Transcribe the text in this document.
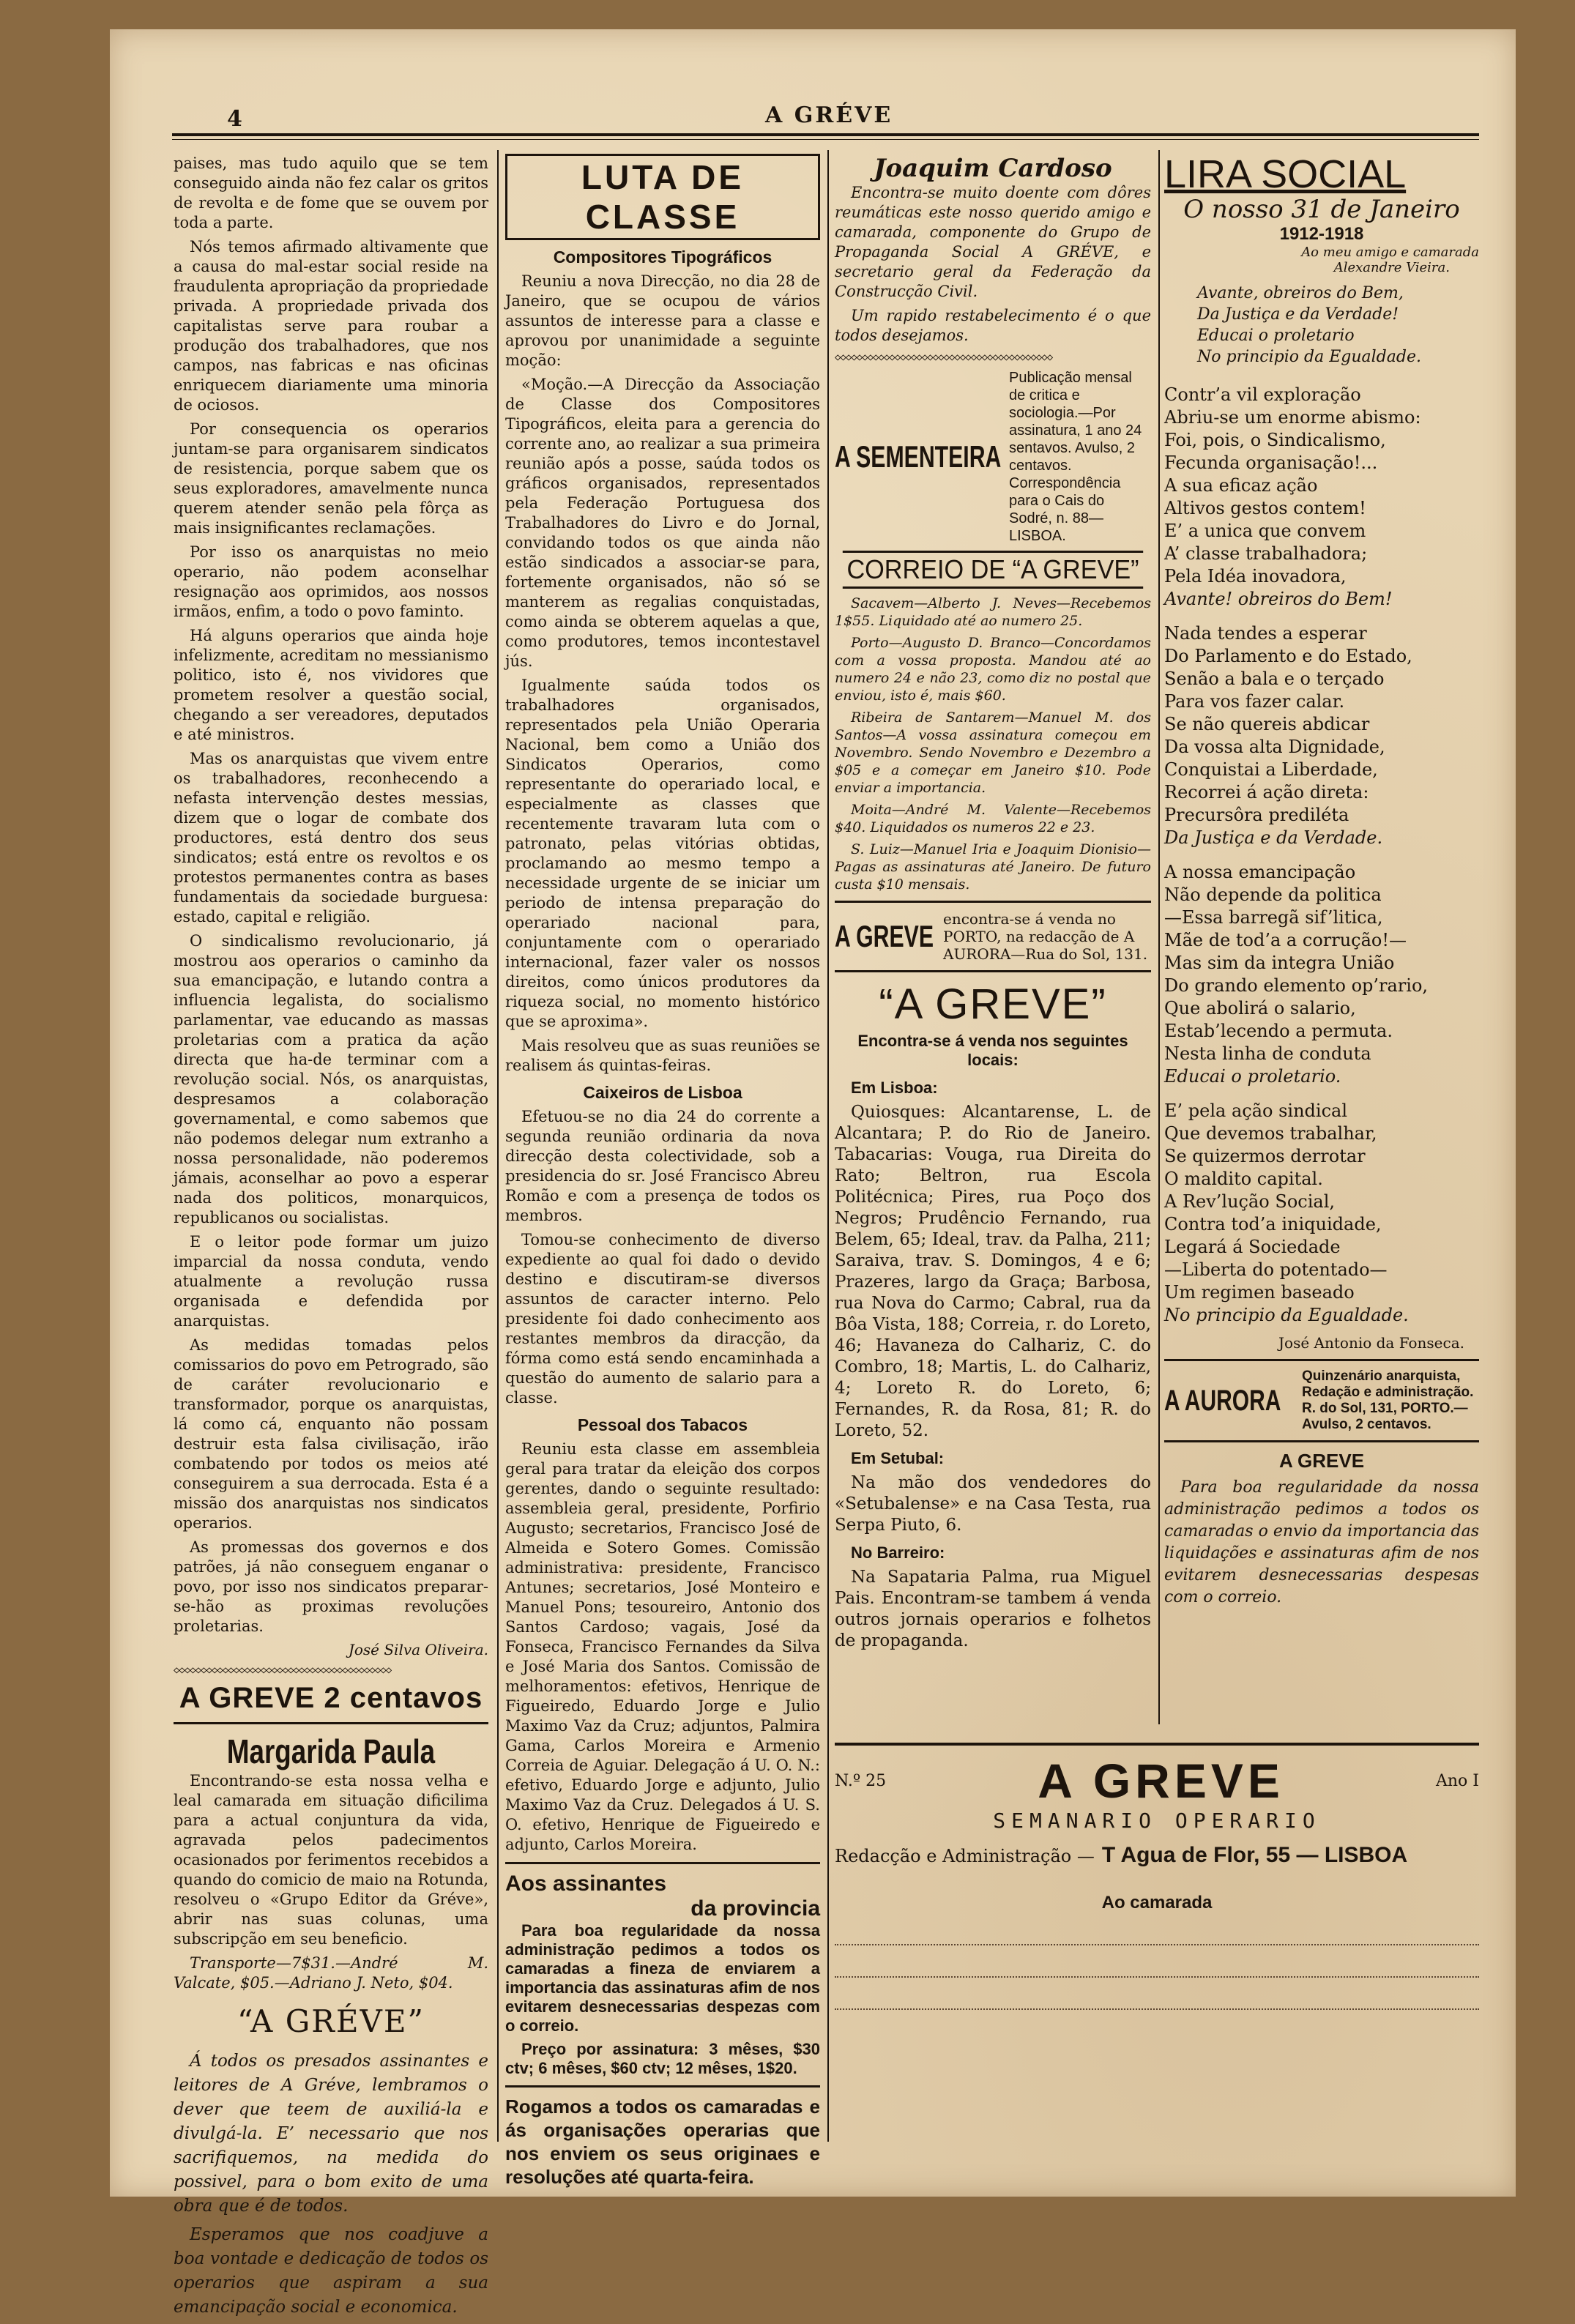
4	A GRÉVE

paises, mas tudo aquilo que se tem conseguido ainda não fez calar os gritos de revolta e de fome que se ouvem por toda a parte.

Nós temos afirmado altivamente que a causa do mal-estar social reside na fraudulenta apropriação da propriedade privada. A propriedade privada dos capitalistas serve para roubar a produção dos trabalhadores, que nos campos, nas fabricas e nas oficinas enriquecem diariamente uma minoria de ociosos.

Por consequencia os operarios juntam-se para organisarem sindicatos de resistencia, porque sabem que os seus exploradores, amavelmente nunca querem atender senão pela fôrça as mais insignificantes reclamações.

Por isso os anarquistas no meio operario, não podem aconselhar resignação aos oprimidos, aos nossos irmãos, enfim, a todo o povo faminto.

Há alguns operarios que ainda hoje infelizmente, acreditam no messianismo politico, isto é, nos vividores que prometem resolver a questão social, chegando a ser vereadores, deputados e até ministros.

Mas os anarquistas que vivem entre os trabalhadores, reconhecendo a nefasta intervenção destes messias, dizem que o logar de combate dos productores, está dentro dos seus sindicatos; está entre os revoltos e os protestos permanentes contra as bases fundamentais da sociedade burguesa: estado, capital e religião.

O sindicalismo revolucionario, já mostrou aos operarios o caminho da sua emancipação, e lutando contra a influencia legalista, do socialismo parlamentar, vae educando as massas proletarias com a pratica da ação directa que ha-de terminar com a revolução social. Nós, os anarquistas, despresamos a colaboração governamental, e como sabemos que não podemos delegar num extranho a nossa personalidade, não poderemos jámais, aconselhar ao povo a esperar nada dos politicos, monarquicos, republicanos ou socialistas.

E o leitor pode formar um juizo imparcial da nossa conduta, vendo atualmente a revolução russa organisada e defendida por anarquistas.

As medidas tomadas pelos comissarios do povo em Petrogrado, são de caráter revolucionario e transformador, porque os anarquistas, lá como cá, enquanto não possam destruir esta falsa civilisação, irão combatendo por todos os meios até conseguirem a sua derrocada. Esta é a missão dos anarquistas nos sindicatos operarios.

As promessas dos governos e dos patrões, já não conseguem enganar o povo, por isso nos sindicatos preparar-se-hão as proximas revoluções proletarias.

José Silva Oliveira.
◇◇◇◇◇◇◇◇◇◇◇◇◇◇◇◇◇◇◇◇◇◇◇◇◇◇◇◇◇◇◇◇◇◇◇◇◇◇◇◇
A GREVE 2 centavos
Margarida Paula

Encontrando-se esta nossa velha e leal camarada em situação dificilima para a actual conjuntura da vida, agravada pelos padecimentos ocasionados por ferimentos recebidos a quando do comicio de maio na Rotunda, resolveu o «Grupo Editor da Gréve», abrir nas suas colunas, uma subscripção em seu beneficio.

Transporte—7$31.—André M. Valcate, $05.—Adriano J. Neto, $04.

“A GRÉVE”

Á todos os presados assinantes e leitores de A Gréve, lembramos o dever que teem de auxiliá-la e divulgá-la. E’ necessario que nos sacrifiquemos, na medida do possivel, para o bom exito de uma obra que é de todos.

Esperamos que nos coadjuve a boa vontade e dedicação de todos os operarios que aspiram a sua emancipação social e economica.

LUTA DE CLASSE
Compositores Tipográficos

Reuniu a nova Direcção, no dia 28 de Janeiro, que se ocupou de vários assuntos de interesse para a classe e aprovou por unanimidade a seguinte moção:

«Moção.—A Direcção da Associação de Classe dos Compositores Tipográficos, eleita para a gerencia do corrente ano, ao realizar a sua primeira reunião após a posse, saúda todos os gráficos organisados, representados pela Federação Portuguesa dos Trabalhadores do Livro e do Jornal, convidando todos os que ainda não estão sindicados a associar-se para, fortemente organisados, não só se manterem as regalias conquistadas, como ainda se obterem aquelas a que, como produtores, temos incontestavel jús.

Igualmente saúda todos os trabalhadores organisados, representados pela União Operaria Nacional, bem como a União dos Sindicatos Operarios, como representante do operariado local, e especialmente as classes que recentemente travaram luta com o patronato, pelas vitórias obtidas, proclamando ao mesmo tempo a necessidade urgente de se iniciar um periodo de intensa preparação do operariado nacional para, conjuntamente com o operariado internacional, fazer valer os nossos direitos, como únicos produtores da riqueza social, no momento histórico que se aproxima».

Mais resolveu que as suas reuniões se realisem ás quintas-feiras.

Caixeiros de Lisboa

Efetuou-se no dia 24 do corrente a segunda reunião ordinaria da nova direcção desta colectividade, sob a presidencia do sr. José Francisco Abreu Romão e com a presença de todos os membros.

Tomou-se conhecimento de diverso expediente ao qual foi dado o devido destino e discutiram-se diversos assuntos de caracter interno. Pelo presidente foi dado conhecimento aos restantes membros da diracção, da fórma como está sendo encaminhada a questão do aumento de salario para a classe.

Pessoal dos Tabacos

Reuniu esta classe em assembleia geral para tratar da eleição dos corpos gerentes, dando o seguinte resultado: assembleia geral, presidente, Porfirio Augusto; secretarios, Francisco José de Almeida e Sotero Gomes. Comissão administrativa: presidente, Francisco Antunes; secretarios, José Monteiro e Manuel Pons; tesoureiro, Antonio dos Santos Cardoso; vagais, José da Fonseca, Francisco Fernandes da Silva e José Maria dos Santos. Comissão de melhoramentos: efetivos, Henrique de Figueiredo, Eduardo Jorge e Julio Maximo Vaz da Cruz; adjuntos, Palmira Gama, Carlos Moreira e Armenio Correia de Aguiar. Delegação á U. O. N.: efetivo, Eduardo Jorge e adjunto, Julio Maximo Vaz da Cruz. Delegados á U. S. O. efetivo, Henrique de Figueiredo e adjunto, Carlos Moreira.

Aos assinantes
da provincia

Para boa regularidade da nossa administração pedimos a todos os camaradas a fineza de enviarem a importancia das assinaturas afim de nos evitarem desnecessarias despezas com o correio.

Preço por assinatura: 3 mêses, $30 ctv; 6 mêses, $60 ctv; 12 mêses, 1$20.

Rogamos a todos os camaradas e ás organisações operarias que nos enviem os seus originaes e resoluções até quarta-feira.

Joaquim Cardoso

Encontra-se muito doente com dôres reumáticas este nosso querido amigo e camarada, componente do Grupo de Propaganda Social A GRÉVE, e secretario geral da Federação da Construcção Civil.

Um rapido restabelecimento é o que todos desejamos.

◇◇◇◇◇◇◇◇◇◇◇◇◇◇◇◇◇◇◇◇◇◇◇◇◇◇◇◇◇◇◇◇◇◇◇◇◇◇◇◇
A SEMENTEIRA
Publicação mensal de critica e sociologia.—Por assinatura, 1 ano 24 sentavos. Avulso, 2 centavos. Correspondência para o Cais do Sodré, n. 88—LISBOA.
CORREIO DE “A GREVE”

Sacavem—Alberto J. Neves—Recebemos 1$55. Liquidado até ao numero 25.

Porto—Augusto D. Branco—Concordamos com a vossa proposta. Mandou até ao numero 24 e não 23, como diz no postal que enviou, isto é, mais $60.

Ribeira de Santarem—Manuel M. dos Santos—A vossa assinatura começou em Novembro. Sendo Novembro e Dezembro a $05 e a começar em Janeiro $10. Pode enviar a importancia.

Moita—André M. Valente—Recebemos $40. Liquidados os numeros 22 e 23.

S. Luiz—Manuel Iria e Joaquim Dionisio—Pagas as assinaturas até Janeiro. De futuro custa $10 mensais.

A GREVE encontra-se á venda no PORTO, na redacção de A AURORA—Rua do Sol, 131.
“A GREVE”
Encontra-se á venda nos seguintes locais:
Em Lisboa:

Quiosques: Alcantarense, L. de Alcantara; P. do Rio de Janeiro. Tabacarias: Vouga, rua Direita do Rato; Beltron, rua Escola Politécnica; Pires, rua Poço dos Negros; Prudêncio Fernando, rua Belem, 65; Ideal, trav. da Palha, 211; Saraiva, trav. S. Domingos, 4 e 6; Prazeres, largo da Graça; Barbosa, rua Nova do Carmo; Cabral, rua da Bôa Vista, 188; Correia, r. do Loreto, 46; Havaneza do Calhariz, C. do Combro, 18; Martis, L. do Calhariz, 4; Loreto R. do Loreto, 6; Fernandes, R. da Rosa, 81; R. do Loreto, 52.

Em Setubal:

Na mão dos vendedores do «Setubalense» e na Casa Testa, rua Serpa Piuto, 6.

No Barreiro:

Na Sapataria Palma, rua Miguel Pais. Encontram-se tambem á venda outros jornais operarios e folhetos de propaganda.

LIRA SOCIAL
O nosso 31 de Janeiro
1912-1918
Ao meu amigo e camarada
Alexandre Vieira.
Avante, obreiros do Bem,
Da Justiça e da Verdade!
Educai o proletario
No principio da Egualdade.
Contr’a vil exploração
Abriu-se um enorme abismo:
Foi, pois, o Sindicalismo,
Fecunda organisação!...
A sua eficaz ação
Altivos gestos contem!
E’ a unica que convem
A’ classe trabalhadora;
Pela Idéa inovadora,
Avante! obreiros do Bem!
Nada tendes a esperar
Do Parlamento e do Estado,
Senão a bala e o terçado
Para vos fazer calar.
Se não quereis abdicar
Da vossa alta Dignidade,
Conquistai a Liberdade,
Recorrei á ação direta:
Precursôra prediléta
Da Justiça e da Verdade.
A nossa emancipação
Não depende da politica
—Essa barregã sif’litica,
Mãe de tod’a a corrução!—
Mas sim da integra União
Do grando elemento op’rario,
Que abolirá o salario,
Estab’lecendo a permuta.
Nesta linha de conduta
Educai o proletario.
E’ pela ação sindical
Que devemos trabalhar,
Se quizermos derrotar
O maldito capital.
A Rev’lução Social,
Contra tod’a iniquidade,
Legará á Sociedade
—Liberta do potentado—
Um regimen baseado
No principio da Egualdade.
José Antonio da Fonseca.
A AURORA
Quinzenário anarquista, Redação e administração. R. do Sol, 131, PORTO.—Avulso, 2 centavos.
A GREVE

Para boa regularidade da nossa administração pedimos a todos os camaradas o envio da importancia das liquidações e assinaturas afim de nos evitarem desnecessarias despesas com o correio.

N.º 25	A GREVE	Ano I
SEMANARIO OPERARIO
Redacção e Administração — T Agua de Flor, 55 — LISBOA
Ao camarada
